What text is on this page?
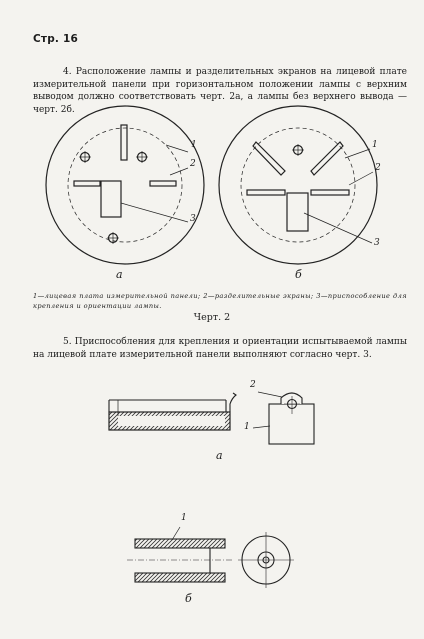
Стр. 16
4. Расположение лампы и разделительных экранов на лицевой плате измерительной панели при горизонтальном положении лампы с верхним выводом должно соответствовать черт. 2а, а лампы без верхнего вывода — черт. 2б.
1
2
3
1
2
3
а	б
1—лицевая плата измерительной панели; 2—разделительные экраны; 3—приспособление для крепления и ориентации лампы.
Черт. 2
5. Приспособления для крепления и ориентации испытываемой лампы на лицевой плате измерительной панели выполняют согласно черт. 3.
2
1
а
1
б
